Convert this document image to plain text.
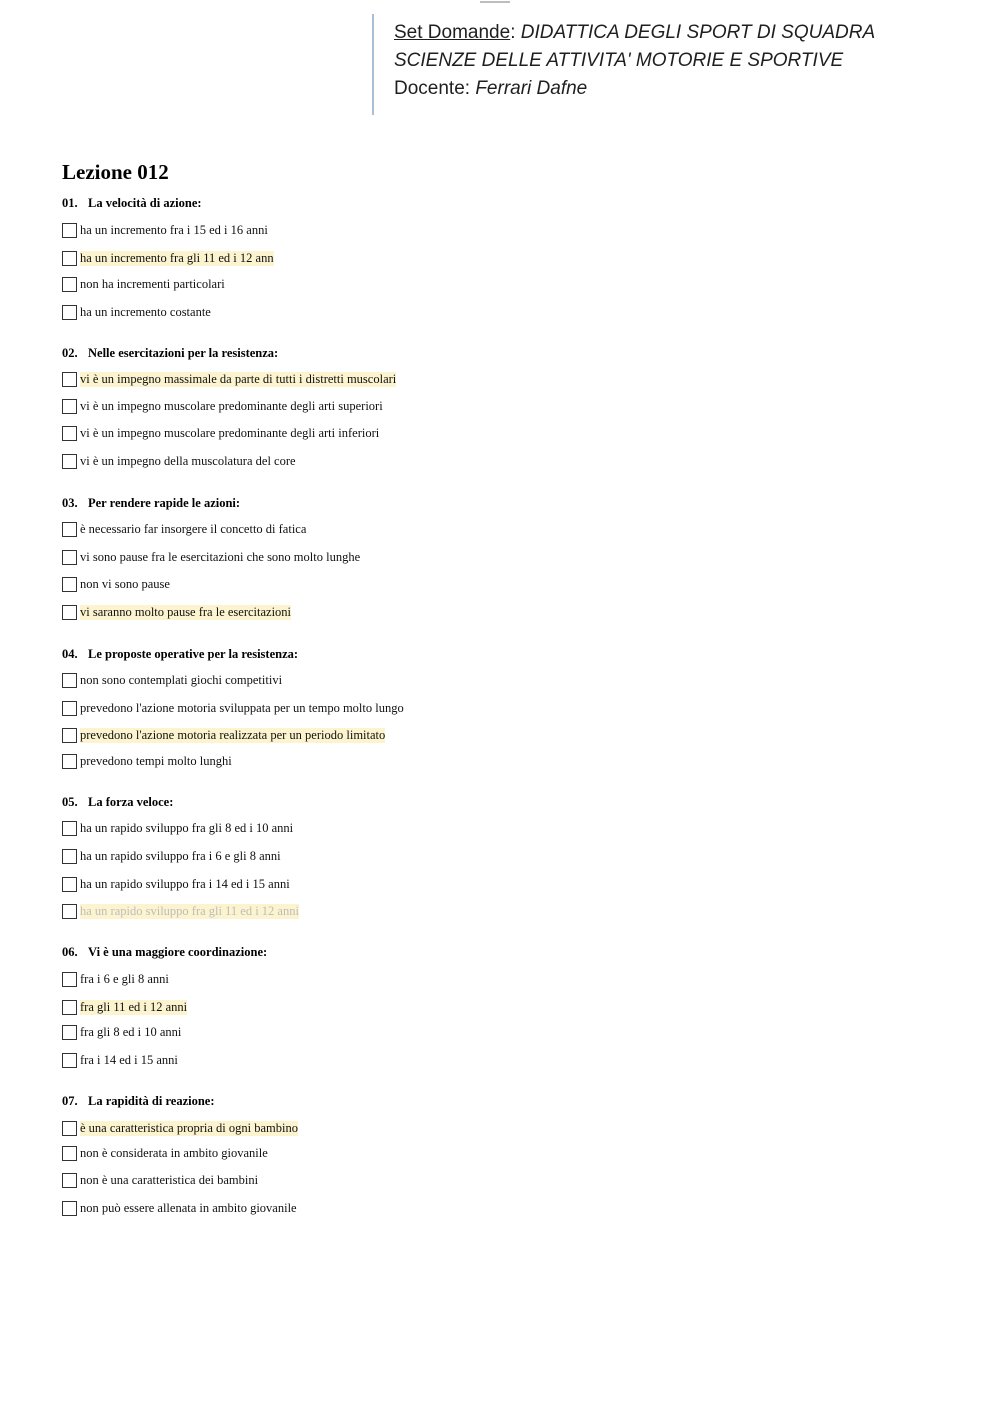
Set Domande: DIDATTICA DEGLI SPORT DI SQUADRA
SCIENZE DELLE ATTIVITA' MOTORIE E SPORTIVE
Docente: Ferrari Dafne
Lezione 012
01. La velocità di azione:
ha un incremento fra i 15 ed i 16 anni
ha un incremento fra gli 11 ed i 12 ann
non ha incrementi particolari
ha un incremento costante
02. Nelle esercitazioni per la resistenza:
vi è un impegno massimale da parte di tutti i distretti muscolari
vi è un impegno muscolare predominante degli arti superiori
vi è un impegno muscolare predominante degli arti inferiori
vi è un impegno della muscolatura del core
03. Per rendere rapide le azioni:
è necessario far insorgere il concetto di fatica
vi sono pause fra le esercitazioni che sono molto lunghe
non vi sono pause
vi saranno molto pause fra le esercitazioni
04. Le proposte operative per la resistenza:
non sono contemplati giochi competitivi
prevedono l'azione motoria sviluppata per un tempo molto lungo
prevedono l'azione motoria realizzata per un periodo limitato
prevedono tempi molto lunghi
05. La forza veloce:
ha un rapido sviluppo fra gli 8 ed i 10 anni
ha un rapido sviluppo fra i 6 e gli 8 anni
ha un rapido sviluppo fra i 14 ed i 15 anni
ha un rapido sviluppo fra gli 11 ed i 12 anni
06. Vi è una maggiore coordinazione:
fra i 6 e gli 8 anni
fra gli 11 ed i 12 anni
fra gli 8 ed i 10 anni
fra i 14 ed i 15 anni
07. La rapidità di reazione:
è una caratteristica propria di ogni bambino
non è considerata in ambito giovanile
non è una caratteristica dei bambini
non può essere allenata in ambito giovanile
